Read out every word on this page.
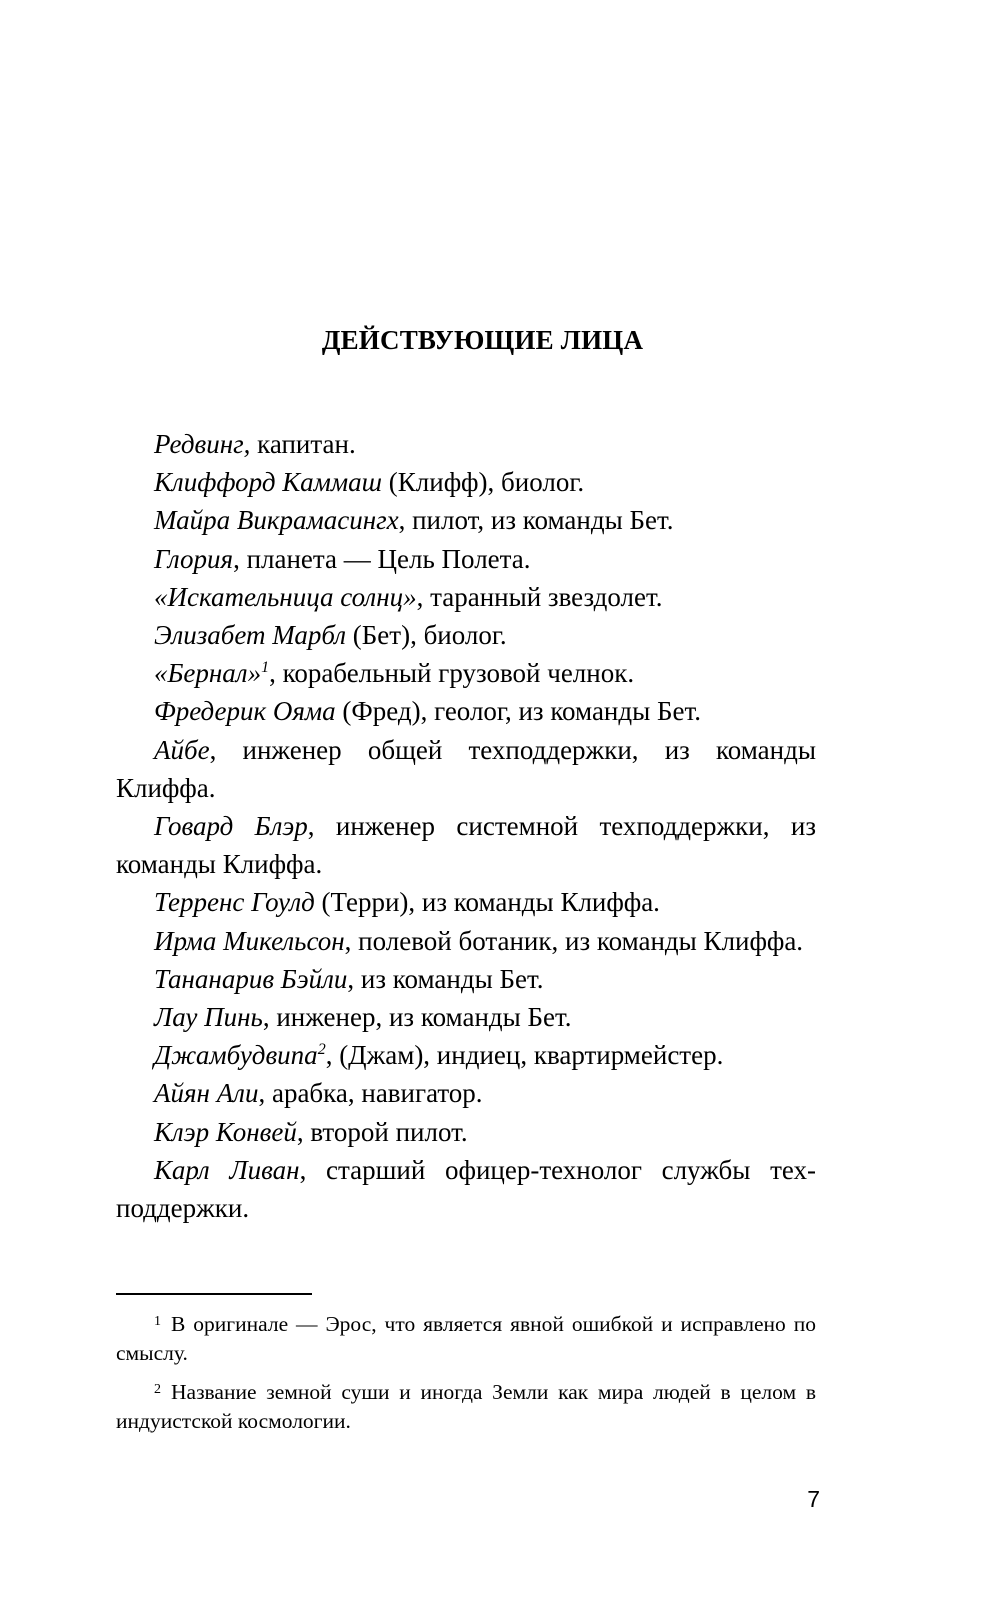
ДЕЙСТВУЮЩИЕ ЛИЦА
Редвинг, капитан.
Клиффорд Каммаш (Клифф), биолог.
Майра Викрамасингх, пилот, из команды Бет.
Глория, планета — Цель Полета.
«Искательница солнц», таранный звездолет.
Элизабет Марбл (Бет), биолог.
«Бернал»$^1$, корабельный грузовой челнок.
Фредерик Ояма (Фред), геолог, из команды Бет.
Айбе, инженер общей техподдержки, из команды Клиффа.
Говард Блэр, инженер системной техподдержки, из команды Клиффа.
Терренс Гоулд (Терри), из команды Клиффа.
Ирма Микельсон, полевой ботаник, из команды Клиффа.
Тананарив Бэйли, из команды Бет.
Лау Пинь, инженер, из команды Бет.
Джамбудвипа$^2$, (Джам), индиец, квартирмейстер.
Айян Али, арабка, навигатор.
Клэр Конвей, второй пилот.
Карл Ливан, старший офицер-технолог службы техподдержки.

$^1$ В оригинале — Эрос, что является явной ошибкой и исправлено по смыслу.

$^2$ Название земной суши и иногда Земли как мира людей в целом в индуистской космологии.

7
